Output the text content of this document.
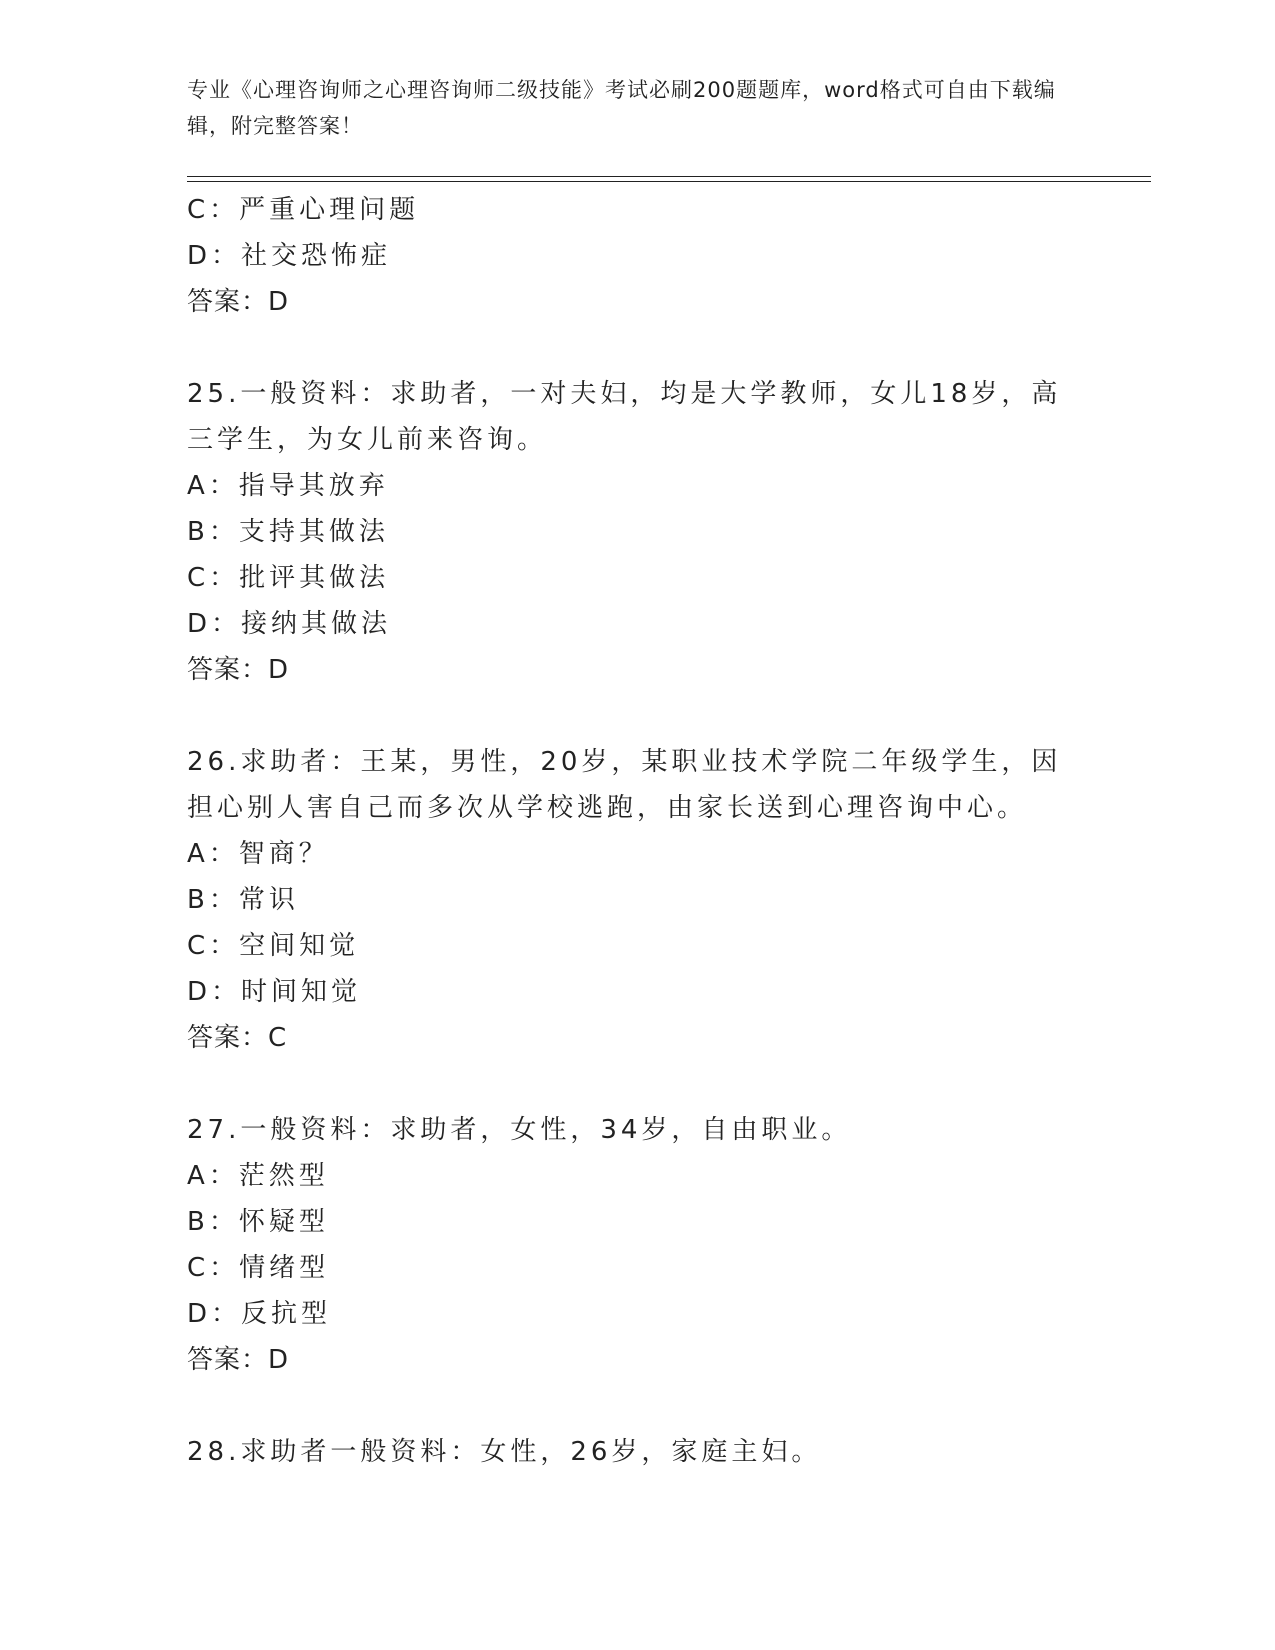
专业《心理咨询师之心理咨询师二级技能》考试必刷200题题库，word格式可自由下载编辑，附完整答案！
C：严重心理问题
D：社交恐怖症
答案：D
25.一般资料：求助者，一对夫妇，均是大学教师，女儿18岁，高三学生，为女儿前来咨询。
A：指导其放弃
B：支持其做法
C：批评其做法
D：接纳其做法
答案：D
26.求助者：王某，男性，20岁，某职业技术学院二年级学生，因担心别人害自己而多次从学校逃跑，由家长送到心理咨询中心。
A：智商？
B：常识
C：空间知觉
D：时间知觉
答案：C
27.一般资料：求助者，女性，34岁，自由职业。
A：茫然型
B：怀疑型
C：情绪型
D：反抗型
答案：D
28.求助者一般资料：女性，26岁，家庭主妇。
